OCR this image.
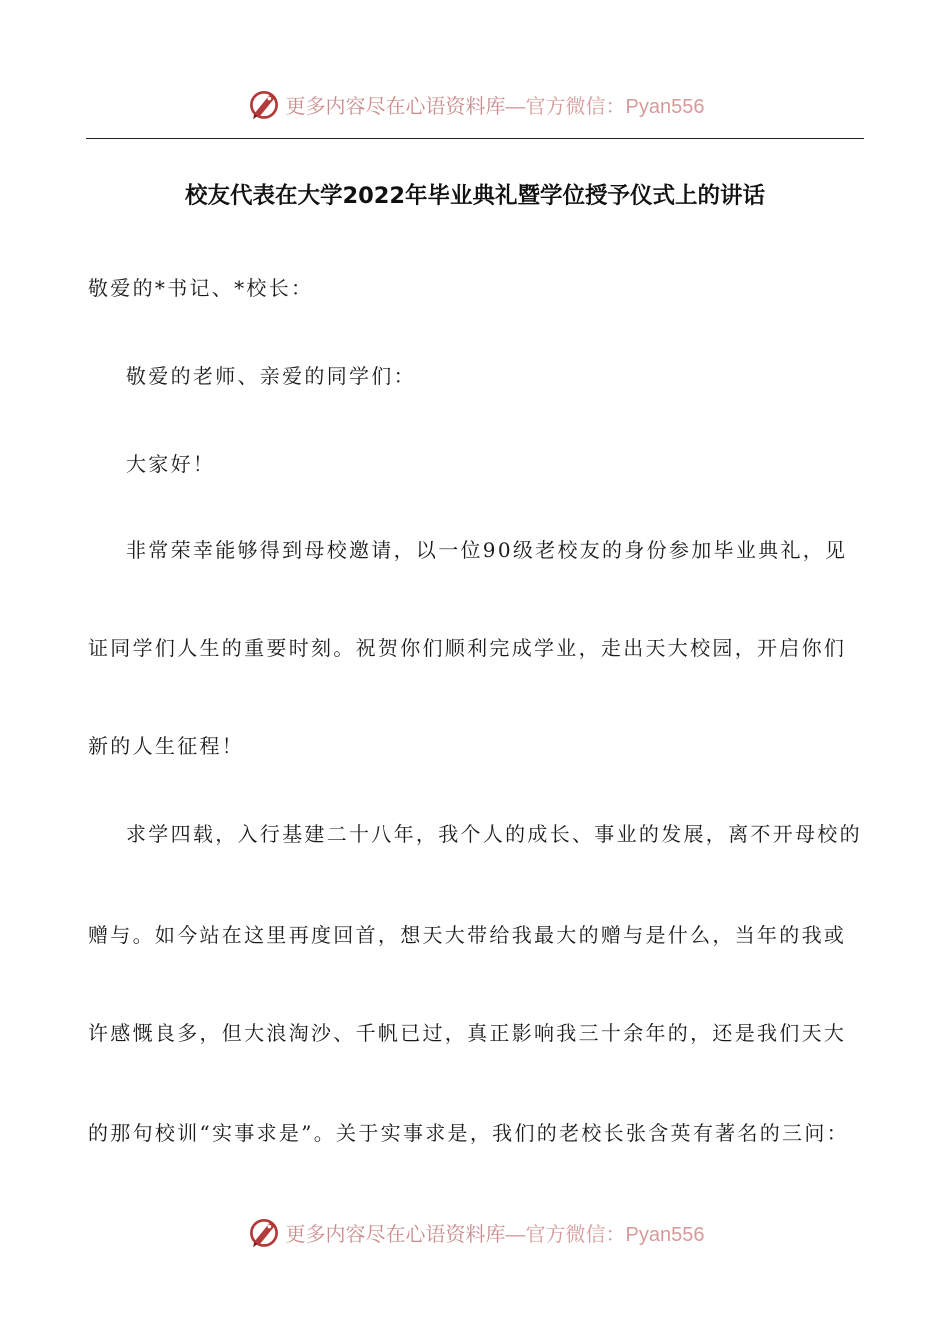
更多内容尽在心语资料库 —官方微信：Pyan556
校友代表在大学2022年毕业典礼暨学位授予仪式上的讲话
敬爱的*书记、*校长：
敬爱的老师、亲爱的同学们：
大家好！
非常荣幸能够得到母校邀请，以一位90级老校友的身份参加毕业典礼，见
证同学们人生的重要时刻。祝贺你们顺利完成学业，走出天大校园，开启你们
新的人生征程！
求学四载，入行基建二十八年，我个人的成长、事业的发展，离不开母校的
赠与。如今站在这里再度回首，想天大带给我最大的赠与是什么，当年的我或
许感慨良多，但大浪淘沙、千帆已过，真正影响我三十余年的，还是我们天大
的那句校训“实事求是”。关于实事求是，我们的老校长张含英有著名的三问：
更多内容尽在心语资料库 —官方微信：Pyan556
